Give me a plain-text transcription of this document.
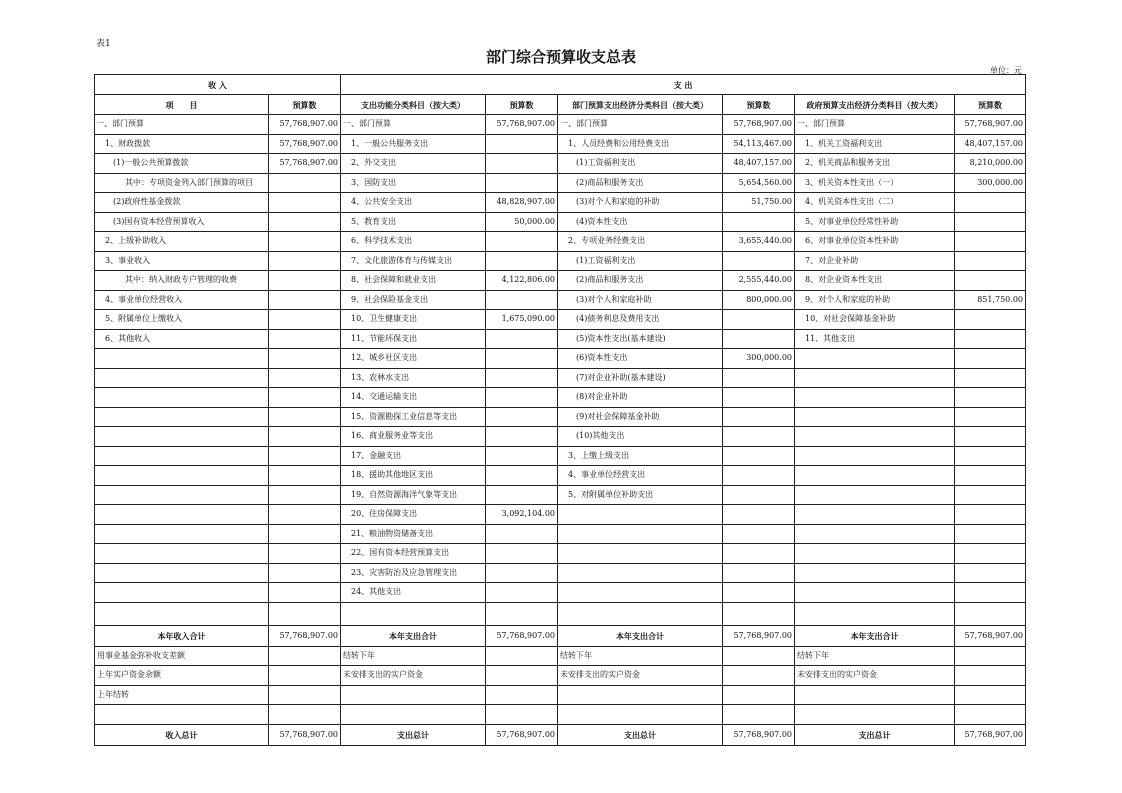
表1
部门综合预算收支总表
单位：元
收 入		支 出					
项　　目	预算数	支出功能分类科目（按大类）	预算数	部门预算支出经济分类科目（按大类）	预算数	政府预算支出经济分类科目（按大类）	预算数
一、部门预算	57,768,907.00	一、部门预算	57,768,907.00	一、部门预算	57,768,907.00	一、部门预算	57,768,907.00
1、财政拨款	57,768,907.00	1、一般公共服务支出		1、人员经费和公用经费支出	54,113,467.00	1、机关工资福利支出	48,407,157.00
(1)一般公共预算拨款	57,768,907.00	2、外交支出		(1)工资福利支出	48,407,157.00	2、机关商品和服务支出	8,210,000.00
其中：专项资金列入部门预算的项目		3、国防支出		(2)商品和服务支出	5,654,560.00	3、机关资本性支出（一）	300,000.00
(2)政府性基金拨款		4、公共安全支出	48,828,907.00	(3)对个人和家庭的补助	51,750.00	4、机关资本性支出（二）	
(3)国有资本经营预算收入		5、教育支出	50,000.00	(4)资本性支出		5、对事业单位经常性补助	
2、上级补助收入		6、科学技术支出		2、专项业务经费支出	3,655,440.00	6、对事业单位资本性补助	
3、事业收入		7、文化旅游体育与传媒支出		(1)工资福利支出		7、对企业补助	
其中：纳入财政专户管理的收费		8、社会保障和就业支出	4,122,806.00	(2)商品和服务支出	2,555,440.00	8、对企业资本性支出	
4、事业单位经营收入		9、社会保险基金支出		(3)对个人和家庭补助	800,000.00	9、对个人和家庭的补助	851,750.00
5、附属单位上缴收入		10、卫生健康支出	1,675,090.00	(4)债务利息及费用支出		10、对社会保障基金补助	
6、其他收入		11、节能环保支出		(5)资本性支出(基本建设)		11、其他支出	
		12、城乡社区支出		(6)资本性支出	300,000.00		
		13、农林水支出		(7)对企业补助(基本建设)			
		14、交通运输支出		(8)对企业补助			
		15、资源勘探工业信息等支出		(9)对社会保障基金补助			
		16、商业服务业等支出		(10)其他支出			
		17、金融支出		3、上缴上级支出			
		18、援助其他地区支出		4、事业单位经营支出			
		19、自然资源海洋气象等支出		5、对附属单位补助支出			
		20、住房保障支出	3,092,104.00				
		21、粮油物资储备支出					
		22、国有资本经营预算支出					
		23、灾害防治及应急管理支出					
		24、其他支出					

本年收入合计	57,768,907.00	本年支出合计	57,768,907.00	本年支出合计	57,768,907.00	本年支出合计	57,768,907.00
用事业基金弥补收支差额		结转下年		结转下年		结转下年	
上年实户资金余额		未安排支出的实户资金		未安排支出的实户资金		未安排支出的实户资金	
上年结转							

收入总计	57,768,907.00	支出总计	57,768,907.00	支出总计	57,768,907.00	支出总计	57,768,907.00
